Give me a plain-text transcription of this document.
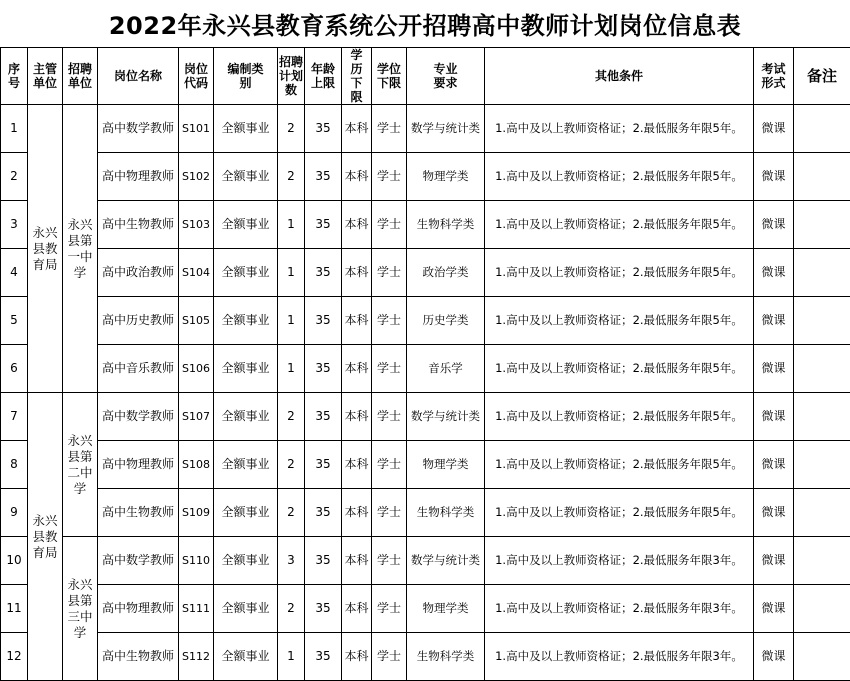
2022年永兴县教育系统公开招聘高中教师计划岗位信息表
序号	主管单位	招聘单位	岗位名称	岗位代码	编制类别	招聘计划数	年龄上限	学历下限	学位下限	专业要求	其他条件	考试形式	备注
1	永兴县教育局	永兴县第一中学	高中数学教师	S101	全额事业	2	35	本科	学士	数学与统计类	1.高中及以上教师资格证；2.最低服务年限5年。	微课	
2			高中物理教师	S102	全额事业	2	35	本科	学士	物理学类	1.高中及以上教师资格证；2.最低服务年限5年。	微课	
3			高中生物教师	S103	全额事业	1	35	本科	学士	生物科学类	1.高中及以上教师资格证；2.最低服务年限5年。	微课	
4			高中政治教师	S104	全额事业	1	35	本科	学士	政治学类	1.高中及以上教师资格证；2.最低服务年限5年。	微课	
5			高中历史教师	S105	全额事业	1	35	本科	学士	历史学类	1.高中及以上教师资格证；2.最低服务年限5年。	微课	
6			高中音乐教师	S106	全额事业	1	35	本科	学士	音乐学	1.高中及以上教师资格证；2.最低服务年限5年。	微课	
7	永兴县教育局	永兴县第二中学	高中数学教师	S107	全额事业	2	35	本科	学士	数学与统计类	1.高中及以上教师资格证；2.最低服务年限5年。	微课	
8			高中物理教师	S108	全额事业	2	35	本科	学士	物理学类	1.高中及以上教师资格证；2.最低服务年限5年。	微课	
9			高中生物教师	S109	全额事业	2	35	本科	学士	生物科学类	1.高中及以上教师资格证；2.最低服务年限5年。	微课	
10		永兴县第三中学	高中数学教师	S110	全额事业	3	35	本科	学士	数学与统计类	1.高中及以上教师资格证；2.最低服务年限3年。	微课	
11			高中物理教师	S111	全额事业	2	35	本科	学士	物理学类	1.高中及以上教师资格证；2.最低服务年限3年。	微课	
12			高中生物教师	S112	全额事业	1	35	本科	学士	生物科学类	1.高中及以上教师资格证；2.最低服务年限3年。	微课	
